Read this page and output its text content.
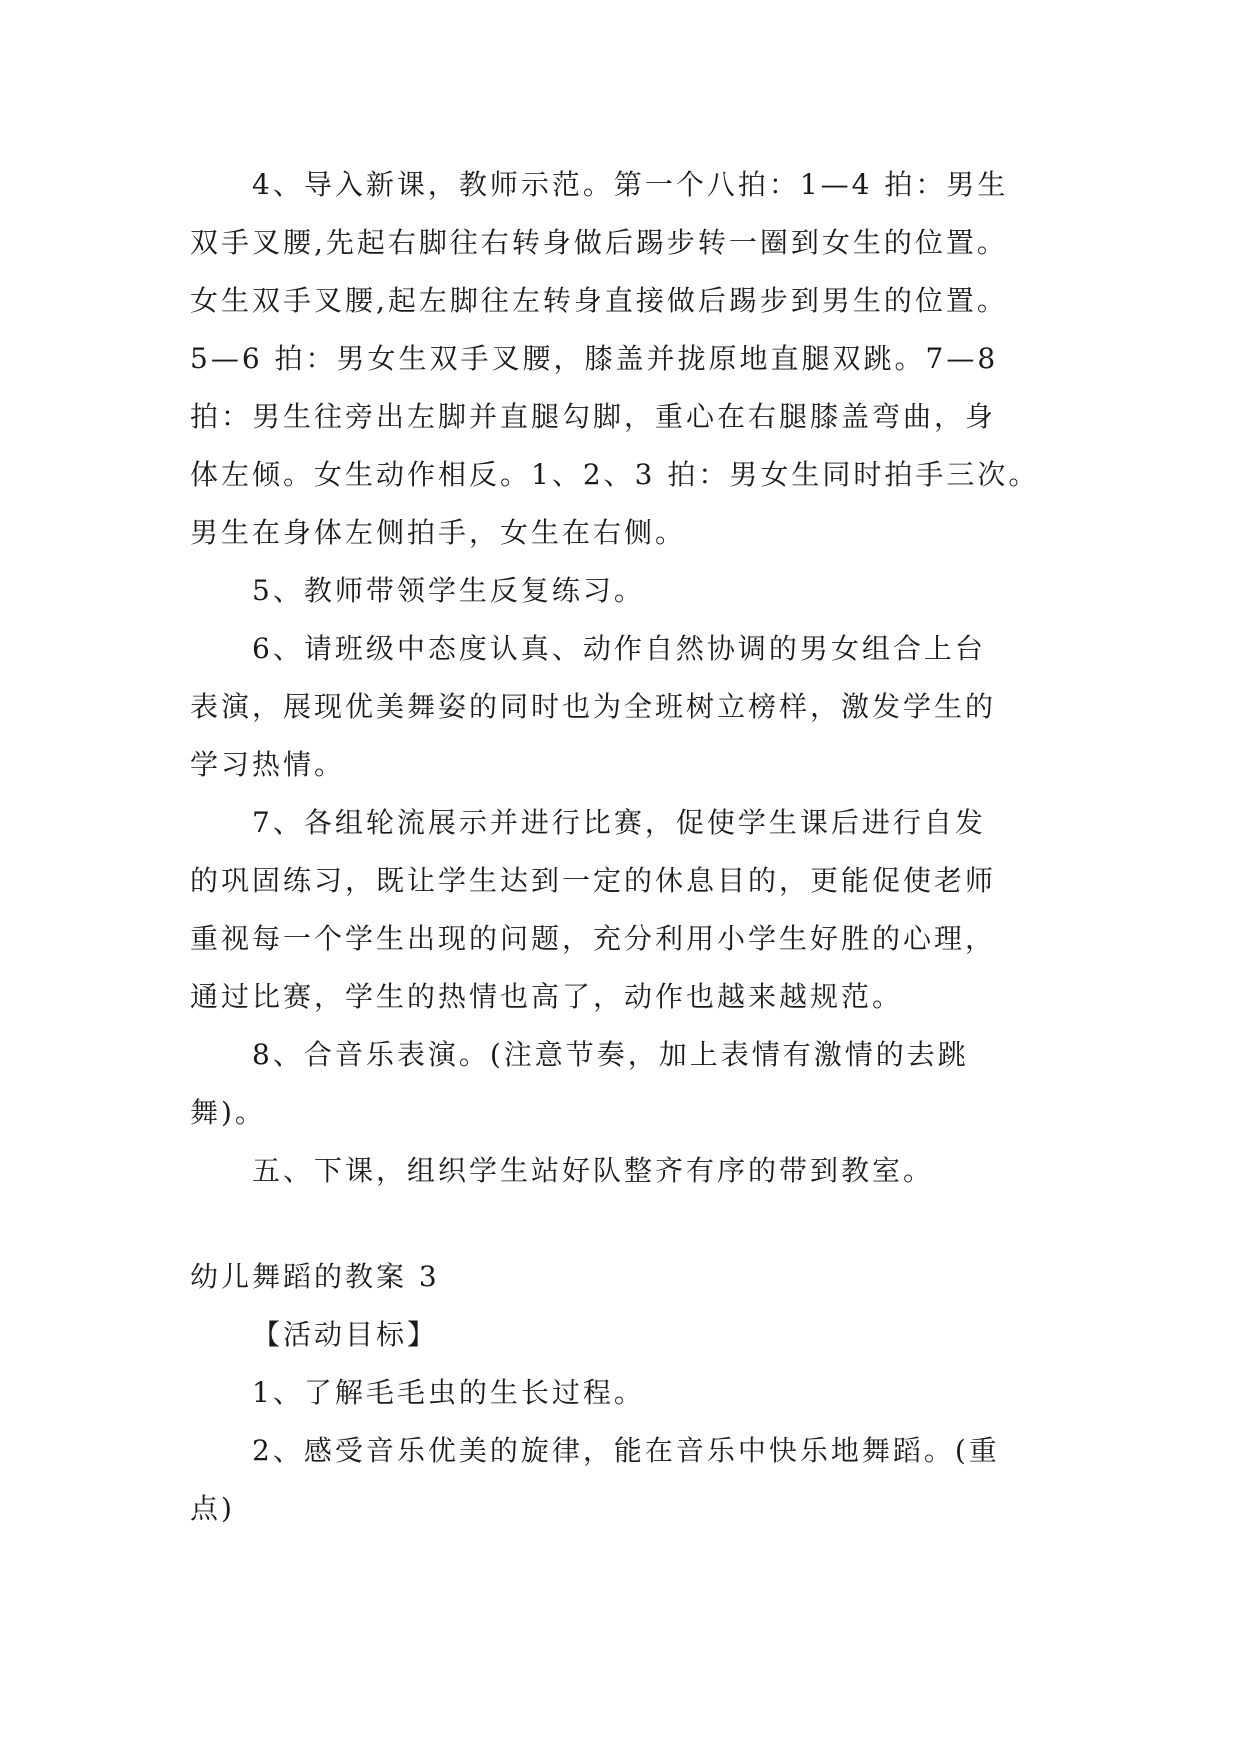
4、导入新课，教师示范。第一个八拍：1—4 拍：男生
双手叉腰,先起右脚往右转身做后踢步转一圈到女生的位置。
女生双手叉腰,起左脚往左转身直接做后踢步到男生的位置。
5—6 拍：男女生双手叉腰，膝盖并拢原地直腿双跳。7—8
拍：男生往旁出左脚并直腿勾脚，重心在右腿膝盖弯曲，身
体左倾。女生动作相反。1、2、3 拍：男女生同时拍手三次。
男生在身体左侧拍手，女生在右侧。
5、教师带领学生反复练习。
6、请班级中态度认真、动作自然协调的男女组合上台
表演，展现优美舞姿的同时也为全班树立榜样，激发学生的
学习热情。
7、各组轮流展示并进行比赛，促使学生课后进行自发
的巩固练习，既让学生达到一定的休息目的，更能促使老师
重视每一个学生出现的问题，充分利用小学生好胜的心理，
通过比赛，学生的热情也高了，动作也越来越规范。
8、合音乐表演。(注意节奏，加上表情有激情的去跳
舞)。
五、下课，组织学生站好队整齐有序的带到教室。
幼儿舞蹈的教案 3
【活动目标】
1、了解毛毛虫的生长过程。
2、感受音乐优美的旋律，能在音乐中快乐地舞蹈。(重
点)
